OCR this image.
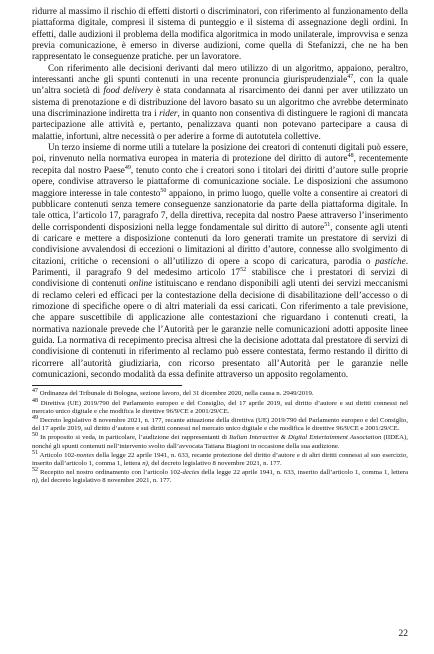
ridurre al massimo il rischio di effetti distorti o discriminatori, con riferimento al funzionamento della piattaforma digitale, compresi il sistema di punteggio e il sistema di assegnazione degli ordini. In effetti, dalle audizioni il problema della modifica algoritmica in modo unilaterale, improvvisa e senza previa comunicazione, è emerso in diverse audizioni, come quella di Stefanizzi, che ne ha ben rappresentato le conseguenze pratiche. per un lavoratore.

Con riferimento alle decisioni derivanti dal mero utilizzo di un algoritmo, appaiono, peraltro, interessanti anche gli spunti contenuti in una recente pronuncia giurisprudenziale$^{47}$, con la quale un’altra società di food delivery è stata condannata al risarcimento dei danni per aver utilizzato un sistema di prenotazione e di distribuzione del lavoro basato su un algoritmo che avrebbe determinato una discriminazione indiretta tra i rider, in quanto non consentiva di distinguere le ragioni di mancata partecipazione alle attività e, pertanto, penalizzava quanti non potevano partecipare a causa di malattie, infortuni, altre necessità o per aderire a forme di autotutela collettive.

Un terzo insieme di norme utili a tutelare la posizione dei creatori di contenuti digitali può essere, poi, rinvenuto nella normativa europea in materia di protezione del diritto di autore$^{48}$, recentemente recepita dal nostro Paese$^{49}$, tenuto conto che i creatori sono i titolari dei diritti d’autore sulle proprie opere, condivise attraverso le piattaforme di comunicazione sociale. Le disposizioni che assumono maggiore interesse in tale contesto$^{50}$ appaiono, in primo luogo, quelle volte a consentire ai creatori di pubblicare contenuti senza temere conseguenze sanzionatorie da parte della piattaforma digitale. In tale ottica, l’articolo 17, paragrafo 7, della direttiva, recepita dal nostro Paese attraverso l’inserimento delle corrispondenti disposizioni nella legge fondamentale sul diritto di autore$^{51}$, consente agli utenti di caricare e mettere a disposizione contenuti da loro generati tramite un prestatore di servizi di condivisione avvalendosi di eccezioni o limitazioni al diritto d’autore, connesse allo svolgimento di citazioni, critiche o recensioni o all’utilizzo di opere a scopo di caricatura, parodia o pastiche. Parimenti, il paragrafo 9 del medesimo articolo $17^{52}$ stabilisce che i prestatori di servizi di condivisione di contenuti online istituiscano e rendano disponibili agli utenti dei servizi meccanismi di reclamo celeri ed efficaci per la contestazione della decisione di disabilitazione dell’accesso o di rimozione di specifiche opere o di altri materiali da essi caricati. Con riferimento a tale previsione, che appare suscettibile di applicazione alle contestazioni che riguardano i contenuti creati, la normativa nazionale prevede che l’Autorità per le garanzie nelle comunicazioni adotti apposite linee guida. La normativa di recepimento precisa altresì che la decisione adottata dal prestatore di servizi di condivisione di contenuti in riferimento al reclamo può essere contestata, fermo restando il diritto di ricorrere all’autorità giudiziaria, con ricorso presentato all’Autorità per le garanzie nelle comunicazioni, secondo modalità da essa definite attraverso un apposito regolamento.

$^{47}$ Ordinanza del Tribunale di Bologna, sezione lavoro, del 31 dicembre 2020, nella causa n. 2949/2019.

$^{48}$ Direttiva (UE) 2019/790 del Parlamento europeo e del Consiglio, del 17 aprile 2019, sul diritto d’autore e sui diritti connessi nel mercato unico digitale e che modifica le direttive 96/9/CE e 2001/29/CE.

$^{49}$ Decreto legislativo 8 novembre 2021, n. 177, recante attuazione della direttiva (UE) 2019/790 del Parlamento europeo e del Consiglio, del 17 aprile 2019, sul diritto d’autore e sui diritti connessi nel mercato unico digitale e che modifica le direttive 96/9/CE e 2001/29/CE.

$^{50}$ In proposito si veda, in particolare, l’audizione dei rappresentanti di Italian Interactive & Digital Entertainment Association (IIDEA), nonché gli spunti contenuti nell’intervento svolto dall’avvocata Tatiana Biagioni in occasione della sua audizione.

$^{51}$ Articolo 102-nonies della legge 22 aprile 1941, n. 633, recante protezione del diritto d’autore e di altri diritti connessi al suo esercizio, inserito dall’articolo 1, comma 1, lettera n), del decreto legislativo 8 novembre 2021, n. 177.

$^{52}$ Recepito nel nostro ordinamento con l’articolo 102-decies della legge 22 aprile 1941, n. 633, inserito dall’articolo 1, comma 1, lettera n), del decreto legislativo 8 novembre 2021, n. 177.

22
